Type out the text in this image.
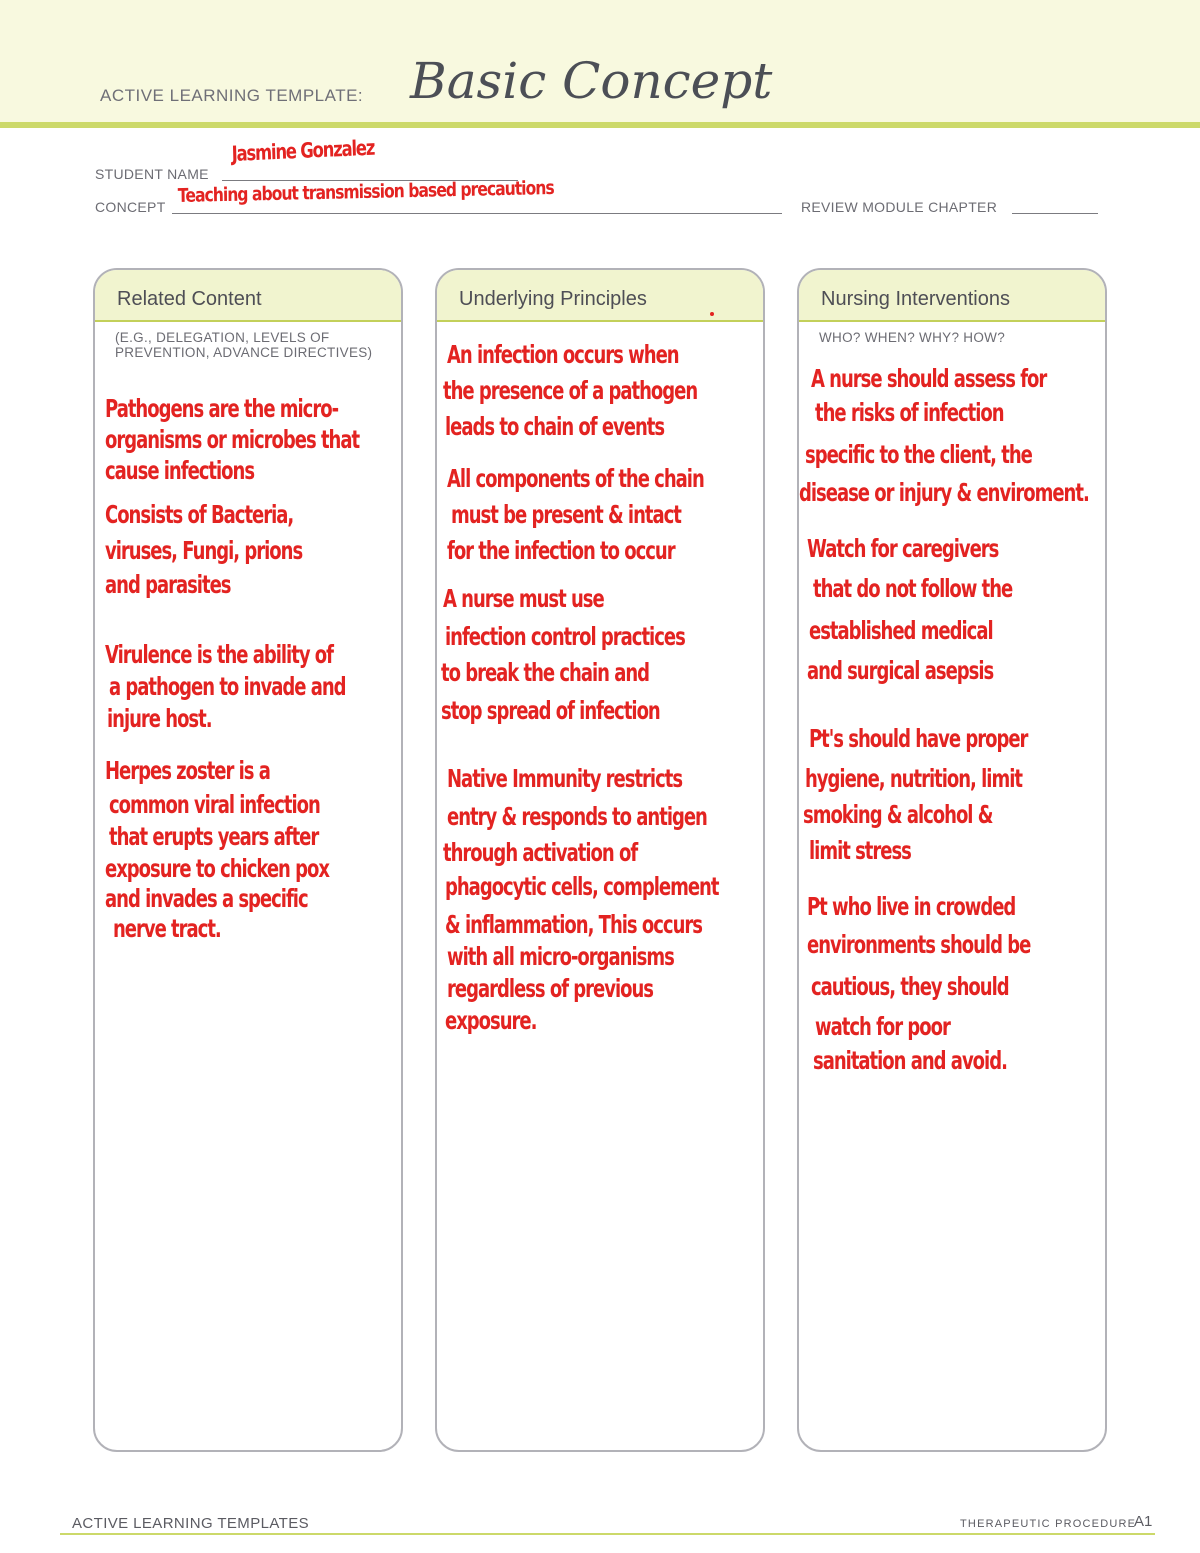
ACTIVE LEARNING TEMPLATE: Basic Concept
STUDENT NAME
Jasmine Gonzalez
CONCEPT Teaching about transmission based precautions	REVIEW MODULE CHAPTER
Related Content
(E.G., DELEGATION, LEVELS OF PREVENTION, ADVANCE DIRECTIVES)
Pathogens are the micro-
organisms or microbes that
cause infections
Consists of Bacteria,
viruses, Fungi, prions
and parasites
Virulence is the ability of
a pathogen to invade and
injure host.
Herpes zoster is a
common viral infection
that erupts years after
exposure to chicken pox
and invades a specific
nerve tract.
Underlying Principles
An infection occurs when
the presence of a pathogen
leads to chain of events
All components of the chain
must be present & intact
for the infection to occur
A nurse must use
infection control practices
to break the chain and
stop spread of infection
Native Immunity restricts
entry & responds to antigen
through activation of
phagocytic cells, complement
& inflammation, This occurs
with all micro-organisms
regardless of previous
exposure.
Nursing Interventions
WHO? WHEN? WHY? HOW?
A nurse should assess for
the risks of infection
specific to the client, the
disease or injury & enviroment.
Watch for caregivers
that do not follow the
established medical
and surgical asepsis
Pt's should have proper
hygiene, nutrition, limit
smoking & alcohol &
limit stress
Pt who live in crowded
environments should be
cautious, they should
watch for poor
sanitation and avoid.
ACTIVE LEARNING TEMPLATES	THERAPEUTIC PROCEDURE
A1
